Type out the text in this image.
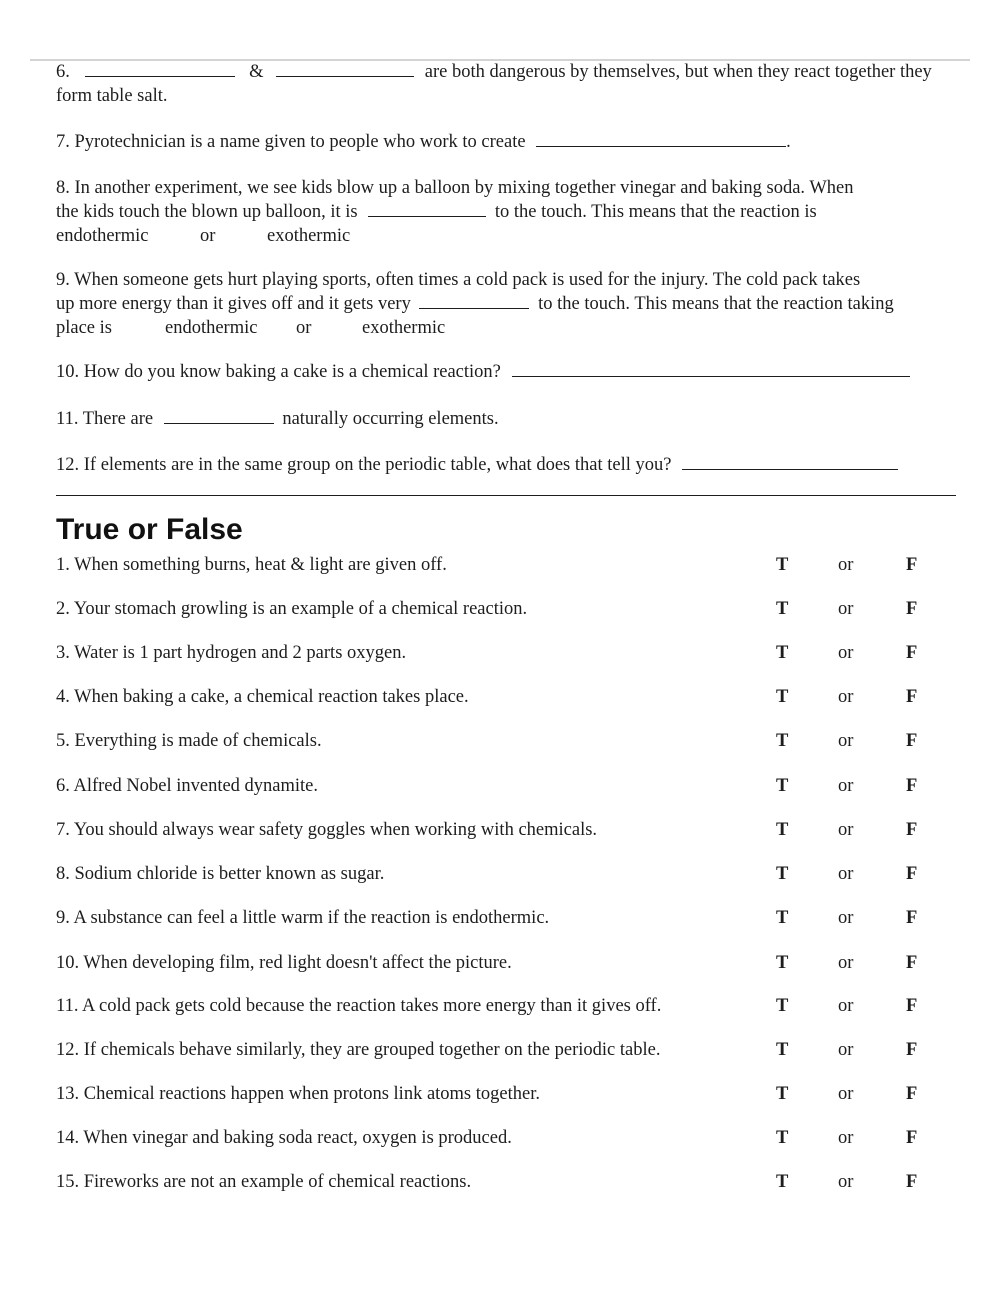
6.	&	are both dangerous by themselves, but when they react together they
form table salt.
7. Pyrotechnician is a name given to people who work to create	.
8. In another experiment, we see kids blow up a balloon by mixing together vinegar and baking soda. When
the kids touch the blown up balloon, it is	to the touch. This means that the reaction is
endothermic	or	exothermic
9. When someone gets hurt playing sports, often times a cold pack is used for the injury. The cold pack takes
up more energy than it gives off and it gets very	to the touch. This means that the reaction taking
place is	endothermic or	exothermic
10. How do you know baking a cake is a chemical reaction?
11. There are	naturally occurring elements.
12. If elements are in the same group on the periodic table, what does that tell you?
True or False
1. When something burns, heat & light are given off.	T	or	F
2. Your stomach growling is an example of a chemical reaction.	T	or	F
3. Water is 1 part hydrogen and 2 parts oxygen.	T	or	F
4. When baking a cake, a chemical reaction takes place.	T	or	F
5. Everything is made of chemicals.	T	or	F
6. Alfred Nobel invented dynamite.	T	or	F
7. You should always wear safety goggles when working with chemicals.	T	or	F
8. Sodium chloride is better known as sugar.	T	or	F
9. A substance can feel a little warm if the reaction is endothermic.	T	or	F
10. When developing film, red light doesn't affect the picture.	T	or	F
11. A cold pack gets cold because the reaction takes more energy than it gives off.	T	or	F
12. If chemicals behave similarly, they are grouped together on the periodic table.	T	or	F
13. Chemical reactions happen when protons link atoms together.	T	or	F
14. When vinegar and baking soda react, oxygen is produced.	T	or	F
15. Fireworks are not an example of chemical reactions.	T	or	F
